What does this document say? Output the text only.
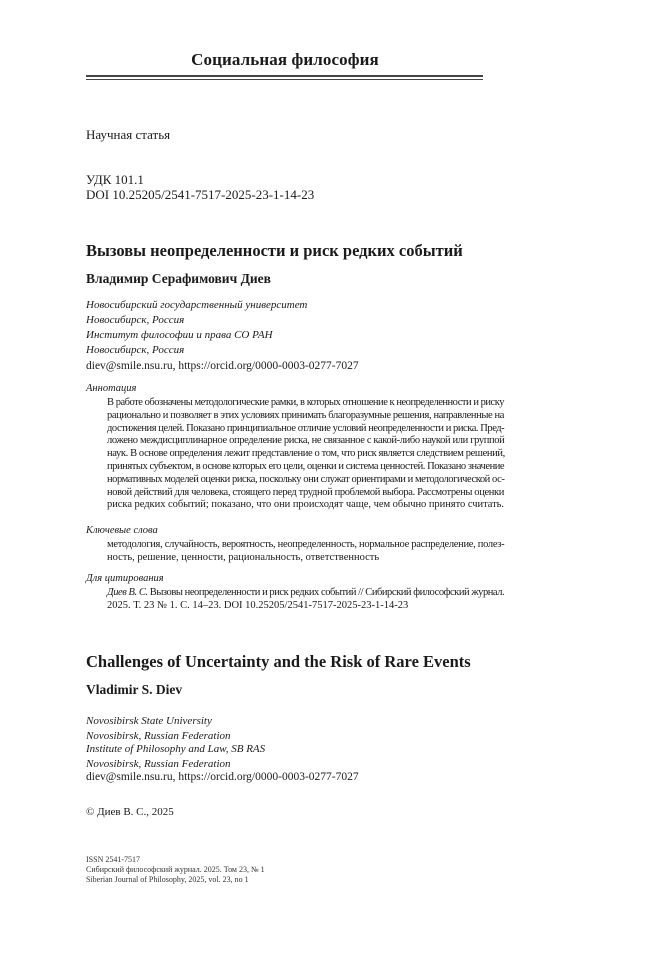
Социальная философия
Научная статья
УДК 101.1
DOI 10.25205/2541-7517-2025-23-1-14-23
Вызовы неопределенности и риск редких событий
Владимир Серафимович Диев
Новосибирский государственный университет
Новосибирск, Россия
Институт философии и права СО РАН
Новосибирск, Россия
diev@smile.nsu.ru, https://orcid.org/0000-0003-0277-7027
Аннотация
В работе обозначены методологические рамки, в которых отношение к неопределенности и риску
рационально и позволяет в этих условиях принимать благоразумные решения, направленные на
достижения целей. Показано принципиальное отличие условий неопределенности и риска. Пред-
ложено междисциплинарное определение риска, не связанное с какой-либо наукой или группой
наук. В основе определения лежит представление о том, что риск является следствием решений,
принятых субъектом, в основе которых его цели, оценки и система ценностей. Показано значение
нормативных моделей оценки риска, поскольку они служат ориентирами и методологической ос-
новой действий для человека, стоящего перед трудной проблемой выбора. Рассмотрены оценки
риска редких событий; показано, что они происходят чаще, чем обычно принято считать.
Ключевые слова
методология, случайность, вероятность, неопределенность, нормальное распределение, полез-
ность, решение, ценности, рациональность, ответственность
Для цитирования
Диев В. С. Вызовы неопределенности и риск редких событий // Сибирский философский журнал.
2025. Т. 23 № 1. С. 14–23. DOI 10.25205/2541-7517-2025-23-1-14-23
Challenges of Uncertainty and the Risk of Rare Events
Vladimir S. Diev
Novosibirsk State University
Novosibirsk, Russian Federation
Institute of Philosophy and Law, SB RAS
Novosibirsk, Russian Federation
diev@smile.nsu.ru, https://orcid.org/0000-0003-0277-7027
© Диев В. С., 2025
ISSN 2541-7517
Сибирский философский журнал. 2025. Том 23, № 1
Siberian Journal of Philosophy, 2025, vol. 23, no 1
